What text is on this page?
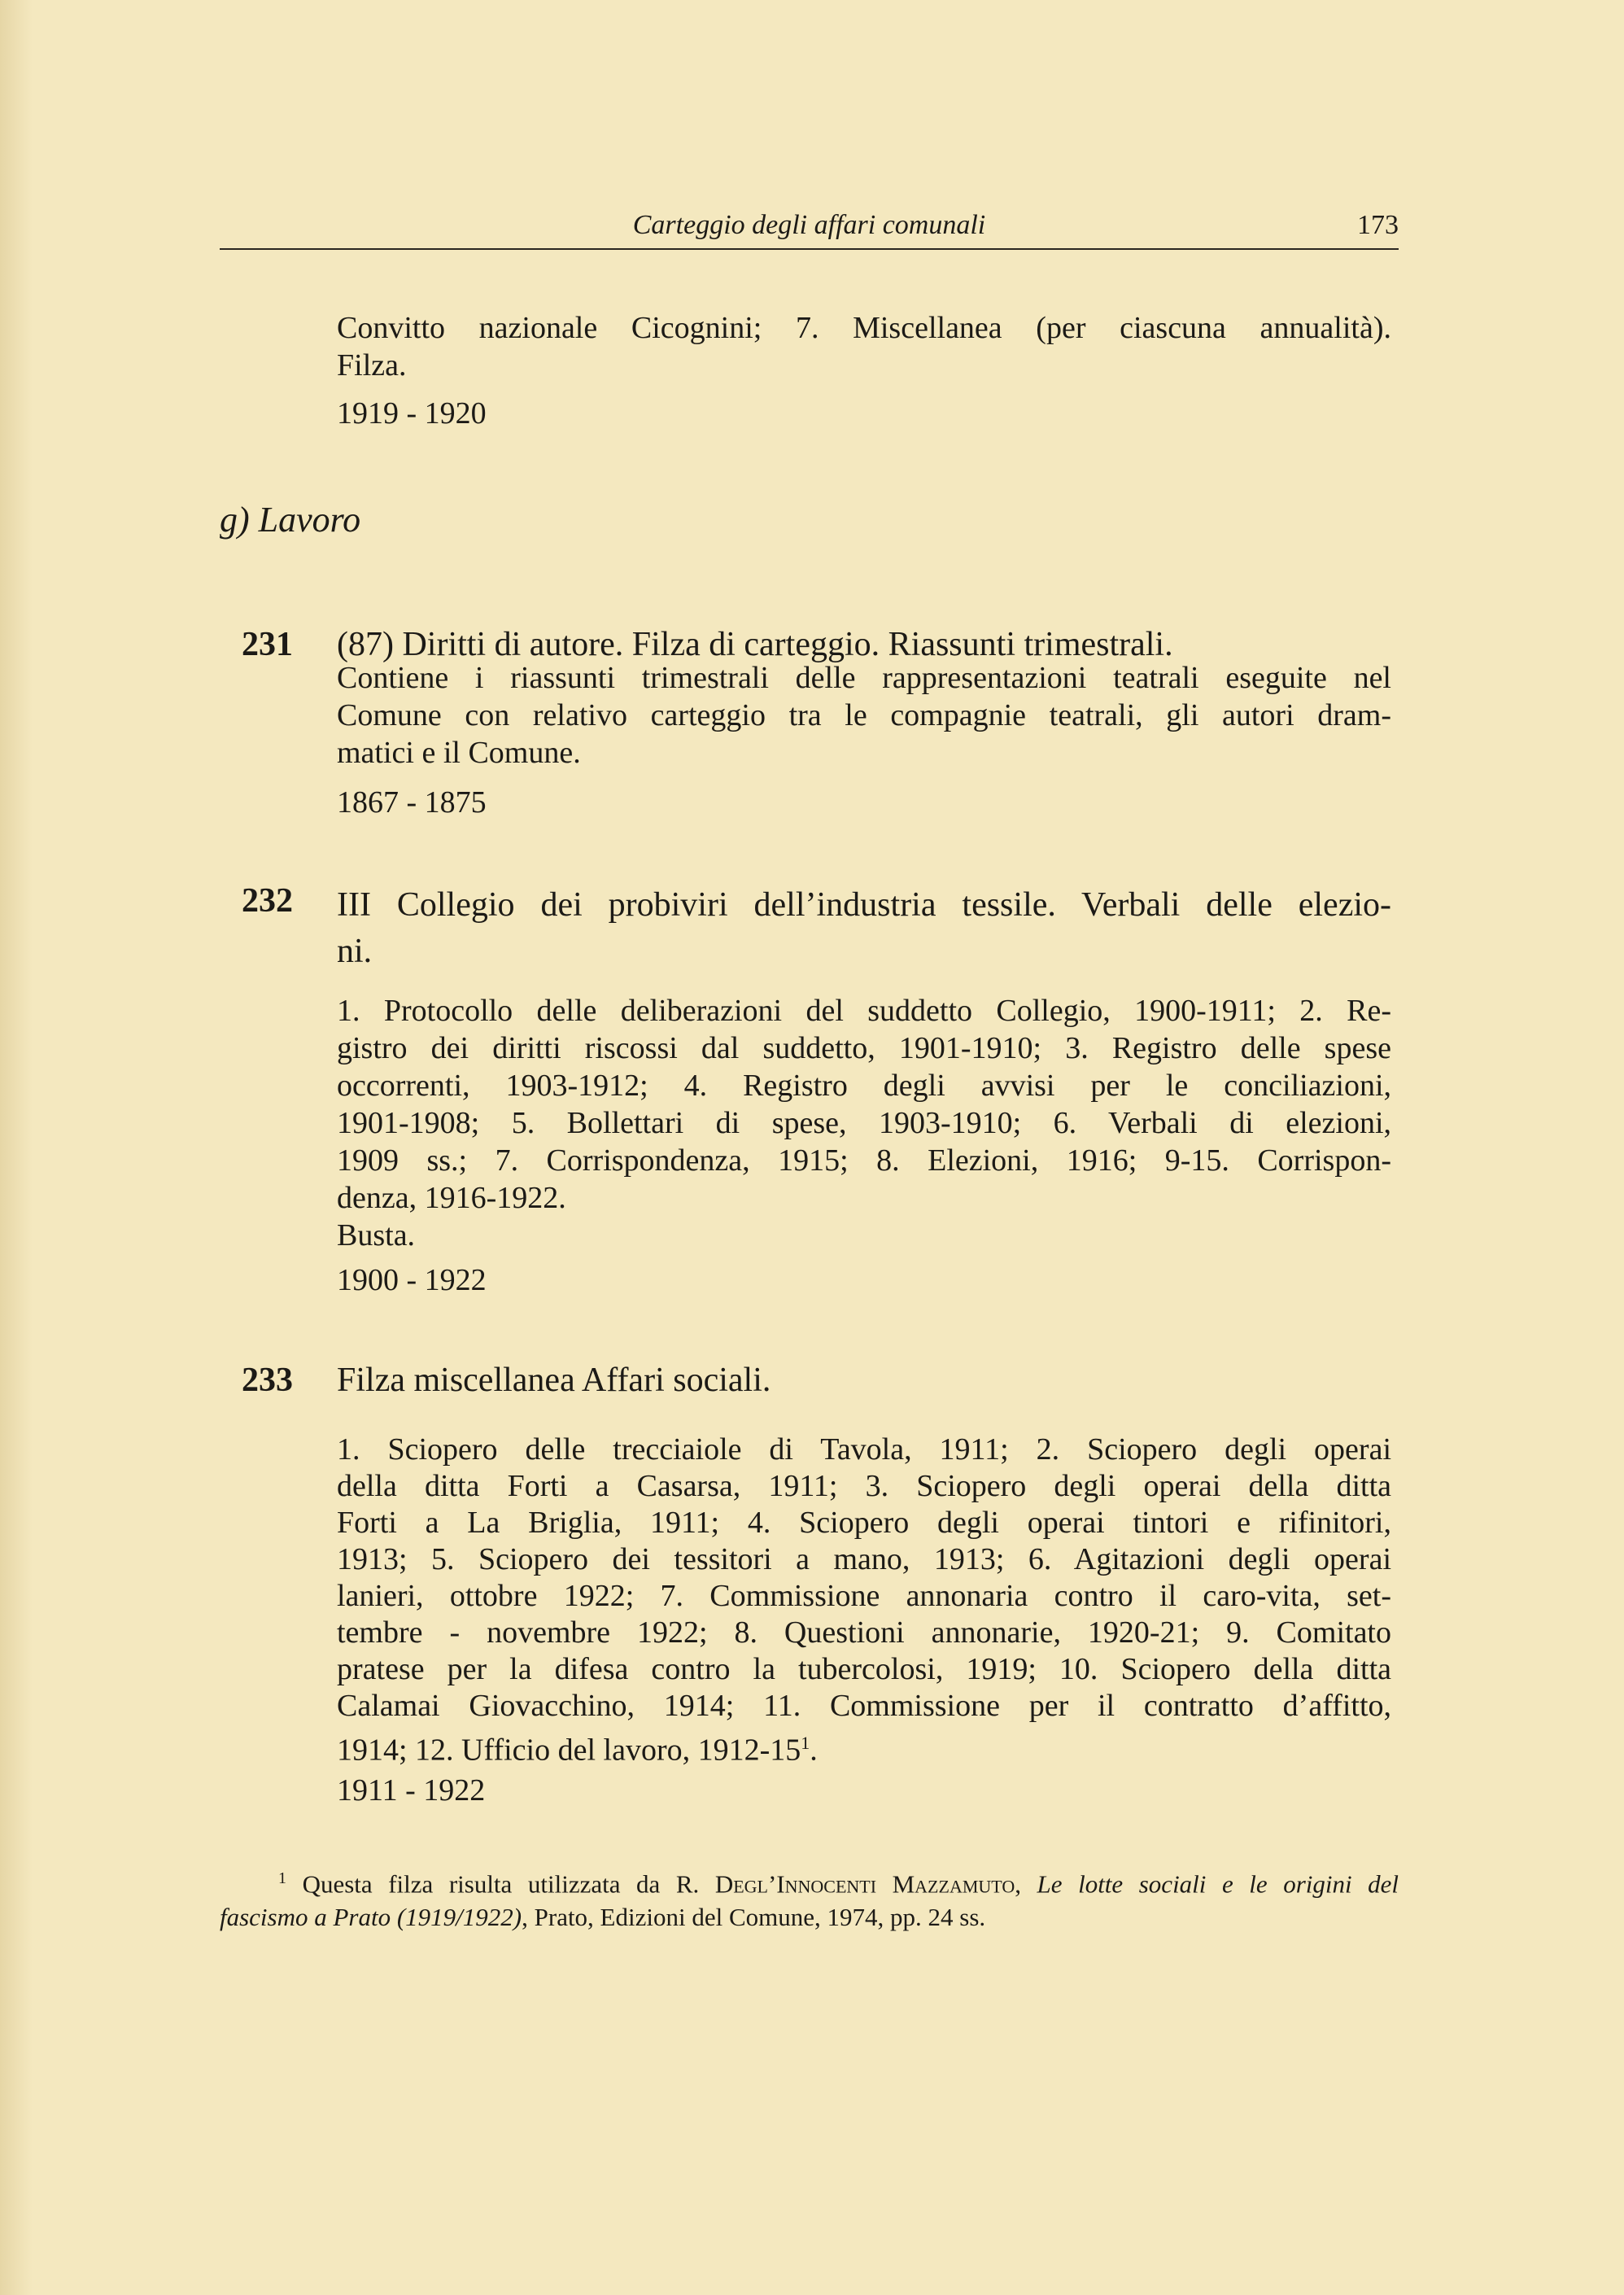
Carteggio degli affari comunali	173
Convitto nazionale Cicognini; 7. Miscellanea (per ciascuna annualità).
Filza.
1919 - 1920
g) Lavoro
231 (87) Diritti di autore. Filza di carteggio. Riassunti trimestrali.
Contiene i riassunti trimestrali delle rappresentazioni teatrali eseguite nel
Comune con relativo carteggio tra le compagnie teatrali, gli autori dram-
matici e il Comune.
1867 - 1875
232 III Collegio dei probiviri dell’industria tessile. Verbali delle elezio-
ni.
1. Protocollo delle deliberazioni del suddetto Collegio, 1900-1911; 2. Re-
gistro dei diritti riscossi dal suddetto, 1901-1910; 3. Registro delle spese
occorrenti, 1903-1912; 4. Registro degli avvisi per le conciliazioni,
1901-1908; 5. Bollettari di spese, 1903-1910; 6. Verbali di elezioni,
1909 ss.; 7. Corrispondenza, 1915; 8. Elezioni, 1916; 9-15. Corrispon-
denza, 1916-1922.
Busta.
1900 - 1922
233 Filza miscellanea Affari sociali.
1. Sciopero delle trecciaiole di Tavola, 1911; 2. Sciopero degli operai
della ditta Forti a Casarsa, 1911; 3. Sciopero degli operai della ditta
Forti a La Briglia, 1911; 4. Sciopero degli operai tintori e rifinitori,
1913; 5. Sciopero dei tessitori a mano, 1913; 6. Agitazioni degli operai
lanieri, ottobre 1922; 7. Commissione annonaria contro il caro-vita, set-
tembre - novembre 1922; 8. Questioni annonarie, 1920-21; 9. Comitato
pratese per la difesa contro la tubercolosi, 1919; 10. Sciopero della ditta
Calamai Giovacchino, 1914; 11. Commissione per il contratto d’affitto,
1914; 12. Ufficio del lavoro, $1912-15^1$.
1911 - 1922
$^1$ Questa filza risulta utilizzata da R. Degl’Innocenti Mazzamuto, Le lotte sociali e le origini del
fascismo a Prato (1919/1922), Prato, Edizioni del Comune, 1974, pp. 24 ss.
